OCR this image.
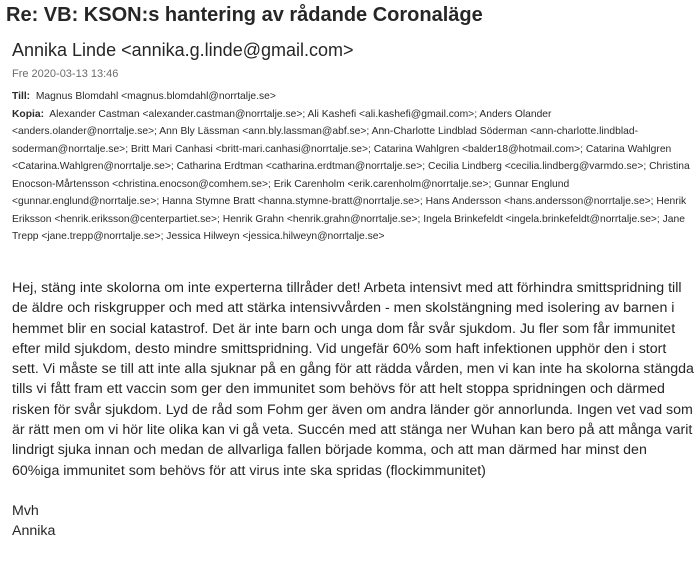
Re: VB: KSON:s hantering av rådande Coronaläge
Annika Linde <annika.g.linde@gmail.com>
Fre 2020-03-13 13:46

Till: Magnus Blomdahl <magnus.blomdahl@norrtalje.se>

Kopia: Alexander Castman <alexander.castman@norrtalje.se>; Ali Kashefi <ali.kashefi@gmail.com>; Anders Olander <anders.olander@norrtalje.se>; Ann Bly Lässman <ann.bly.lassman@abf.se>; Ann-Charlotte Lindblad Söderman <ann-charlotte.lindblad-soderman@norrtalje.se>; Britt Mari Canhasi <britt-mari.canhasi@norrtalje.se>; Catarina Wahlgren <balder18@hotmail.com>; Catarina Wahlgren <Catarina.Wahlgren@norrtalje.se>; Catharina Erdtman <catharina.erdtman@norrtalje.se>; Cecilia Lindberg <cecilia.lindberg@varmdo.se>; Christina Enocson-Mårtensson <christina.enocson@comhem.se>; Erik Carenholm <erik.carenholm@norrtalje.se>; Gunnar Englund <gunnar.englund@norrtalje.se>; Hanna Stymne Bratt <hanna.stymne-bratt@norrtalje.se>; Hans Andersson <hans.andersson@norrtalje.se>; Henrik Eriksson <henrik.eriksson@centerpartiet.se>; Henrik Grahn <henrik.grahn@norrtalje.se>; Ingela Brinkefeldt <ingela.brinkefeldt@norrtalje.se>; Jane Trepp <jane.trepp@norrtalje.se>; Jessica Hilweyn <jessica.hilweyn@norrtalje.se>

Hej, stäng inte skolorna om inte experterna tillråder det! Arbeta intensivt med att förhindra smittspridning till de äldre och riskgrupper och med att stärka intensivvården - men skolstängning med isolering av barnen i hemmet blir en social katastrof. Det är inte barn och unga dom får svår sjukdom. Ju fler som får immunitet efter mild sjukdom, desto mindre smittspridning. Vid ungefär 60% som haft infektionen upphör den i stort sett. Vi måste se till att inte alla sjuknar på en gång för att rädda vården, men vi kan inte ha skolorna stängda tills vi fått fram ett vaccin som ger den immunitet som behövs för att helt stoppa spridningen och därmed risken för svår sjukdom. Lyd de råd som Fohm ger även om andra länder gör annorlunda. Ingen vet vad som är rätt men om vi hör lite olika kan vi gå veta. Succén med att stänga ner Wuhan kan bero på att många varit lindrigt sjuka innan och medan de allvarliga fallen började komma, och att man därmed har minst den 60%iga immunitet som behövs för att virus inte ska spridas (flockimmunitet)

Mvh

Annika
